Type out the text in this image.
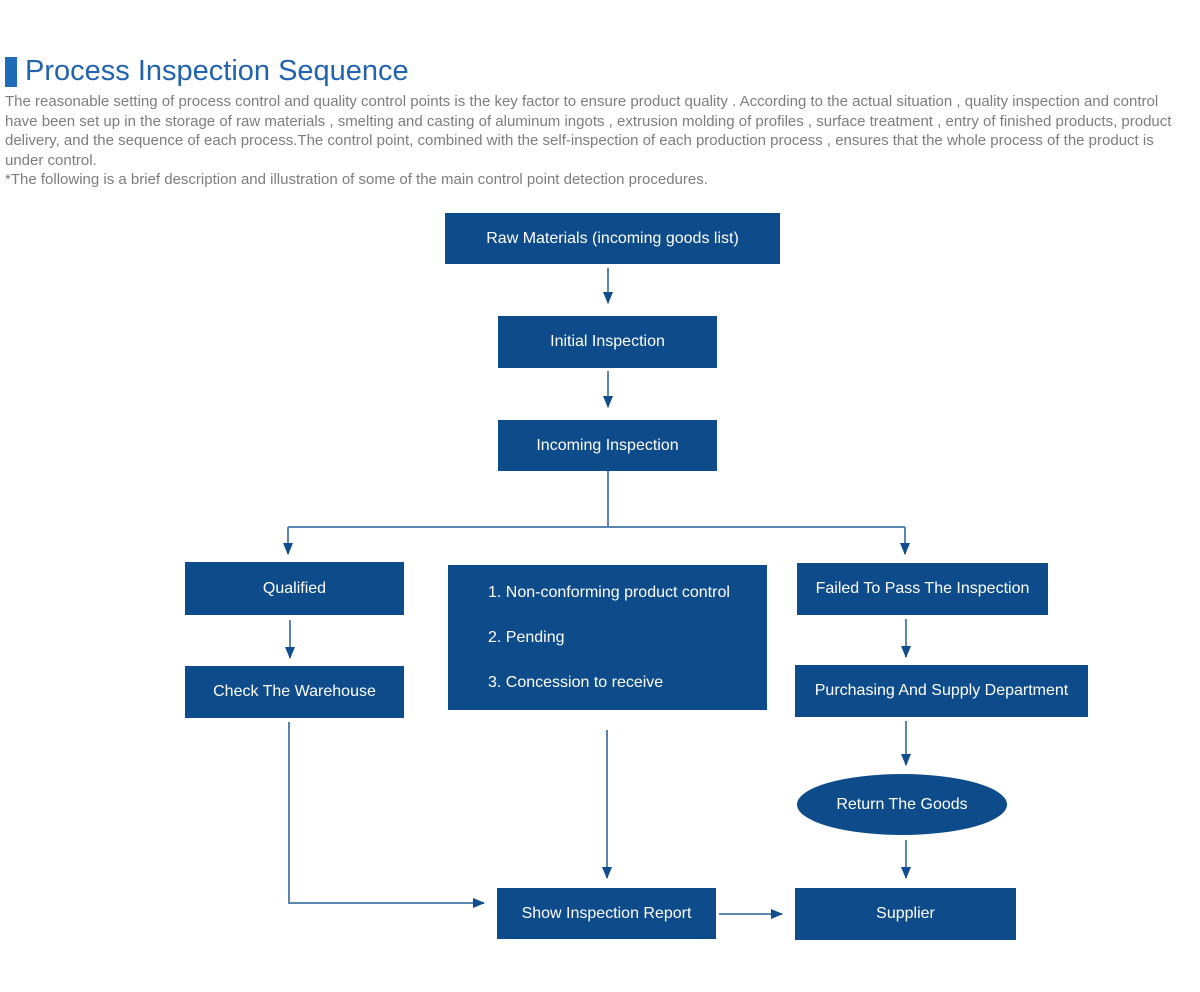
Process Inspection Sequence

The reasonable setting of process control and quality control points is the key factor to ensure product quality . According to the actual situation , quality inspection and control have been set up in the storage of raw materials , smelting and casting of aluminum ingots , extrusion molding of profiles , surface treatment , entry of finished products, product delivery, and the sequence of each process.The control point, combined with the self-inspection of each production process , ensures that the whole process of the product is under control.

*The following is a brief description and illustration of some of the main control point detection procedures.

Raw Materials (incoming goods list)
Initial Inspection
Incoming Inspection
Qualified	1. Non-conforming product control
2. Pending
3. Concession to receive
Failed To Pass The Inspection
Check The Warehouse	Purchasing And Supply Department
Return The Goods
Supplier
Show Inspection Report
